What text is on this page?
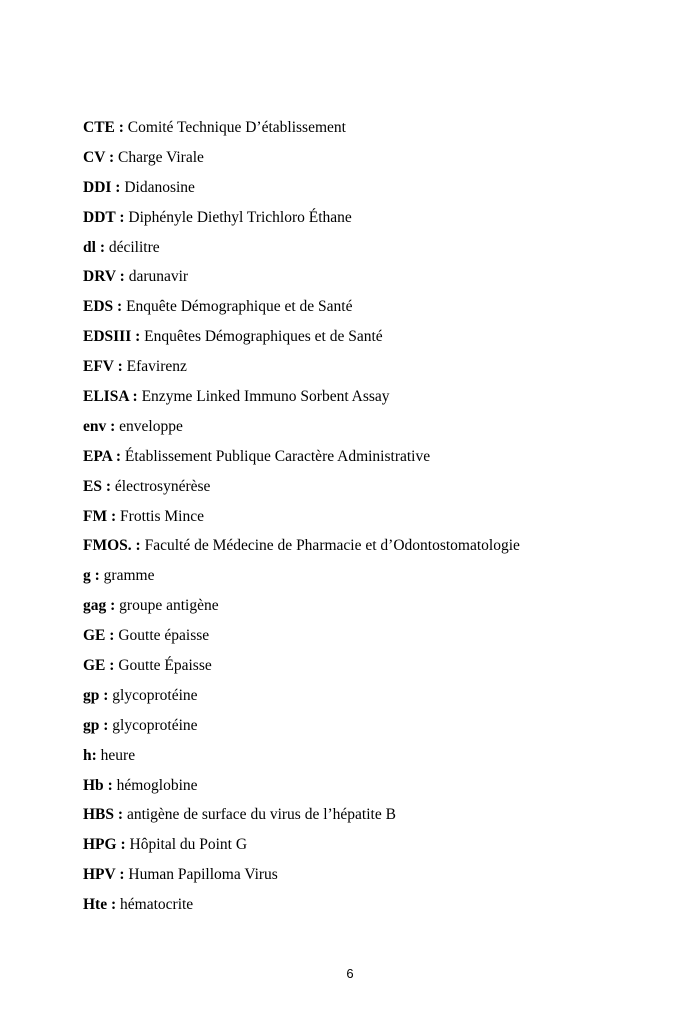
CTE : Comité Technique D’établissement
CV : Charge Virale
DDI : Didanosine
DDT : Diphényle Diethyl Trichloro Éthane
dl : décilitre
DRV : darunavir
EDS : Enquête Démographique et de Santé
EDSIII : Enquêtes Démographiques et de Santé
EFV : Efavirenz
ELISA : Enzyme Linked Immuno Sorbent Assay
env : enveloppe
EPA : Établissement Publique Caractère Administrative
ES : électrosynérèse
FM : Frottis Mince
FMOS. : Faculté de Médecine de Pharmacie et d’Odontostomatologie
g : gramme
gag : groupe antigène
GE : Goutte épaisse
GE : Goutte Épaisse
gp : glycoprotéine
gp : glycoprotéine
h: heure
Hb : hémoglobine
HBS : antigène de surface du virus de l’hépatite B
HPG : Hôpital du Point G
HPV : Human Papilloma Virus
Hte : hématocrite
6
